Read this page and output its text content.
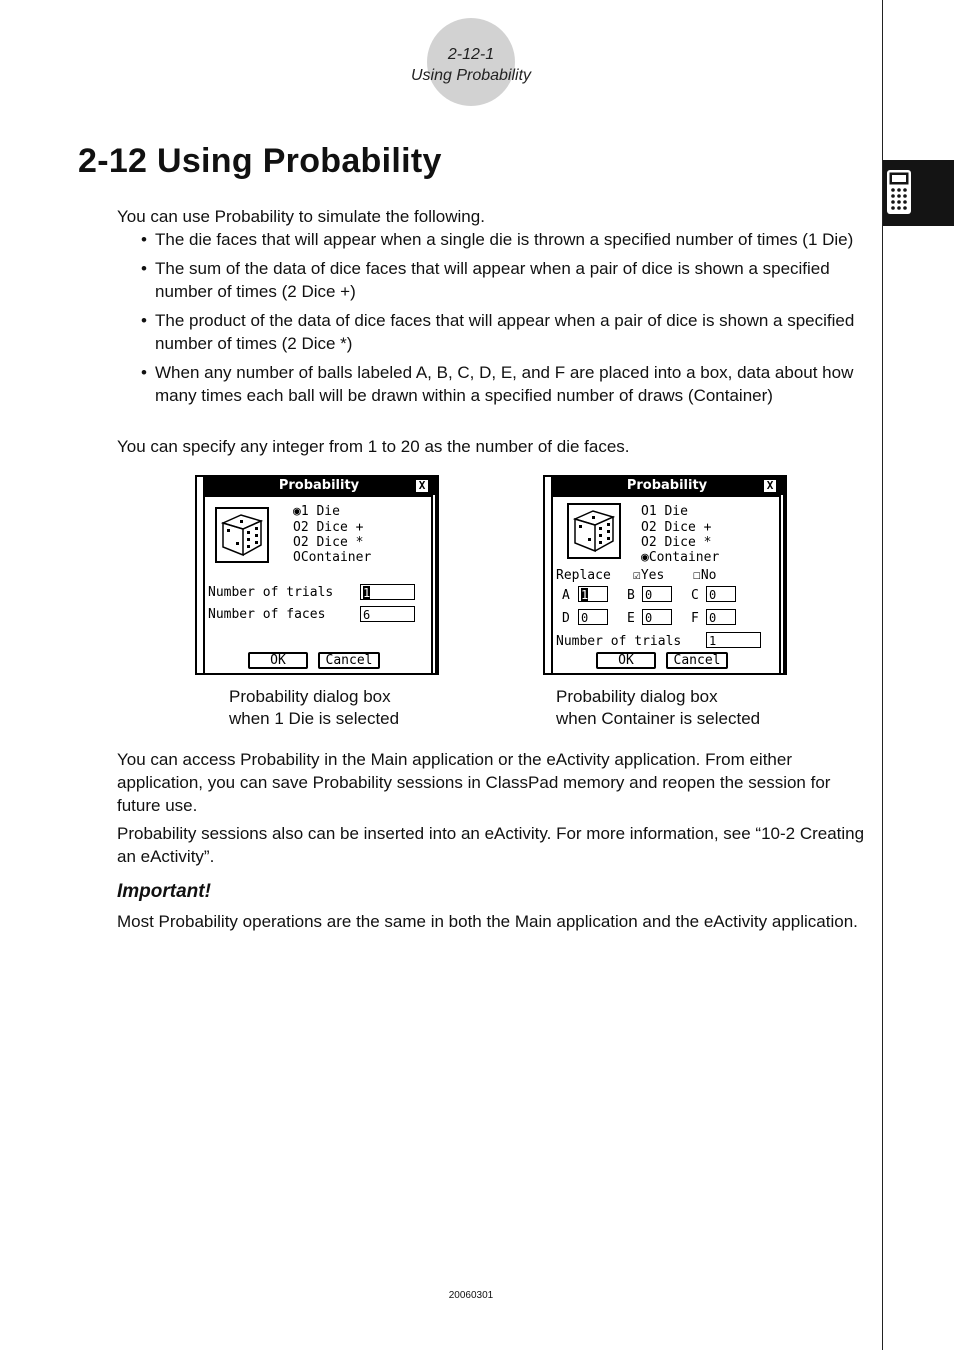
2-12-1
Using Probability
2-12 Using Probability

You can use Probability to simulate the following.

• The die faces that will appear when a single die is thrown a specified number of times (1 Die)
• The sum of the data of dice faces that will appear when a pair of dice is shown a specified number of times (2 Dice +)
• The product of the data of dice faces that will appear when a pair of dice is shown a specified number of times (2 Dice *)
• When any number of balls labeled A, B, C, D, E, and F are placed into a box, data about how many times each ball will be drawn within a specified number of draws (Container)

You can specify any integer from 1 to 20 as the number of die faces.

Probability	X
◉1 Die
O2 Dice +
O2 Dice *
OContainer
Number of trials 1
Number of faces	6
OK	Cancel
Probability	X
O1 Die
O2 Dice +
O2 Dice *
◉Container
Replace ☑Yes ☐No
A 1	B 0	C 0
D 0	E 0	F 0
Number of trials 1
OK	Cancel
Probability dialog box
when 1 Die is selected
Probability dialog box
when Container is selected

You can access Probability in the Main application or the eActivity application. From either application, you can save Probability sessions in ClassPad memory and reopen the session for future use.

Probability sessions also can be inserted into an eActivity. For more information, see “10-2 Creating an eActivity”.

Important!

Most Probability operations are the same in both the Main application and the eActivity application.

20060301
